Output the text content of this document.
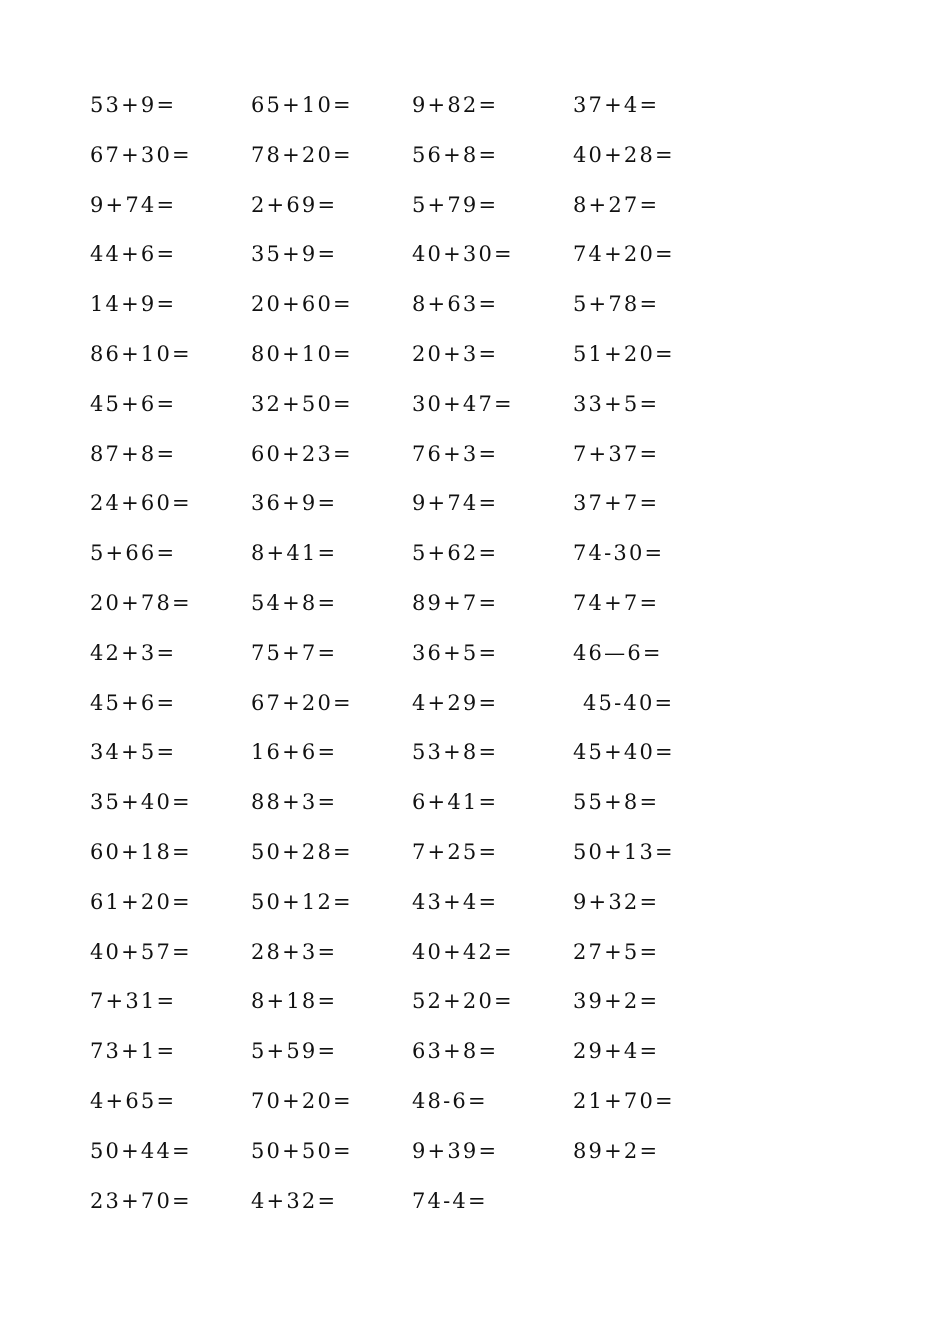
53+9=	65+10=	9+82=	37+4=
67+30=	78+20=	56+8=	40+28=
9+74=	2+69=	5+79=	8+27=
44+6=	35+9=	40+30=	74+20=
14+9=	20+60=	8+63=	5+78=
86+10=	80+10=	20+3=	51+20=
45+6=	32+50=	30+47=	33+5=
87+8=	60+23=	76+3=	7+37=
24+60=	36+9=	9+74=	37+7=
5+66=	8+41=	5+62=	74-30=
20+78=	54+8=	89+7=	74+7=
42+3=	75+7=	36+5=	46—6=
45+6=	67+20=	4+29=	45-40=
34+5=	16+6=	53+8=	45+40=
35+40=	88+3=	6+41=	55+8=
60+18=	50+28=	7+25=	50+13=
61+20=	50+12=	43+4=	9+32=
40+57=	28+3=	40+42=	27+5=
7+31=	8+18=	52+20=	39+2=
73+1=	5+59=	63+8=	29+4=
4+65=	70+20=	48-6=	21+70=
50+44=	50+50=	9+39=	89+2=
23+70=	4+32=	74-4=
